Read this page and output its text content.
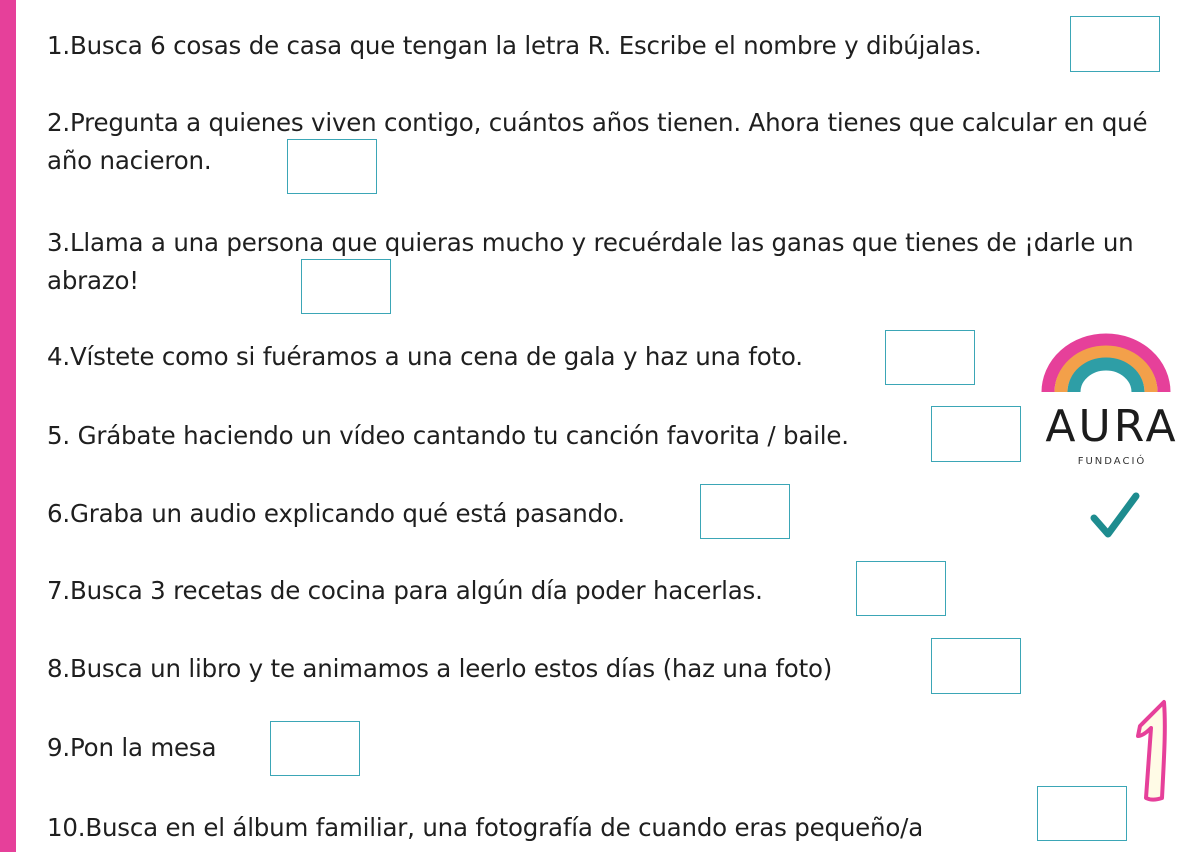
1.Busca 6 cosas de casa que tengan la letra R. Escribe el nombre y dibújalas.
2.Pregunta a quienes viven contigo, cuántos años tienen. Ahora tienes que calcular en qué año nacieron.
3.Llama a una persona que quieras mucho y recuérdale las ganas que tienes de ¡darle un abrazo!
4.Vístete como si fuéramos a una cena de gala y haz una foto.
5. Grábate haciendo un vídeo cantando tu canción favorita / baile.
6.Graba un audio explicando qué está pasando.
7.Busca 3 recetas de cocina para algún día poder hacerlas.
8.Busca un libro y te animamos a leerlo estos días (haz una foto)
9.Pon la mesa
10.Busca en el álbum familiar, una fotografía de cuando eras pequeño/a
AURA
FUNDACIÓ
